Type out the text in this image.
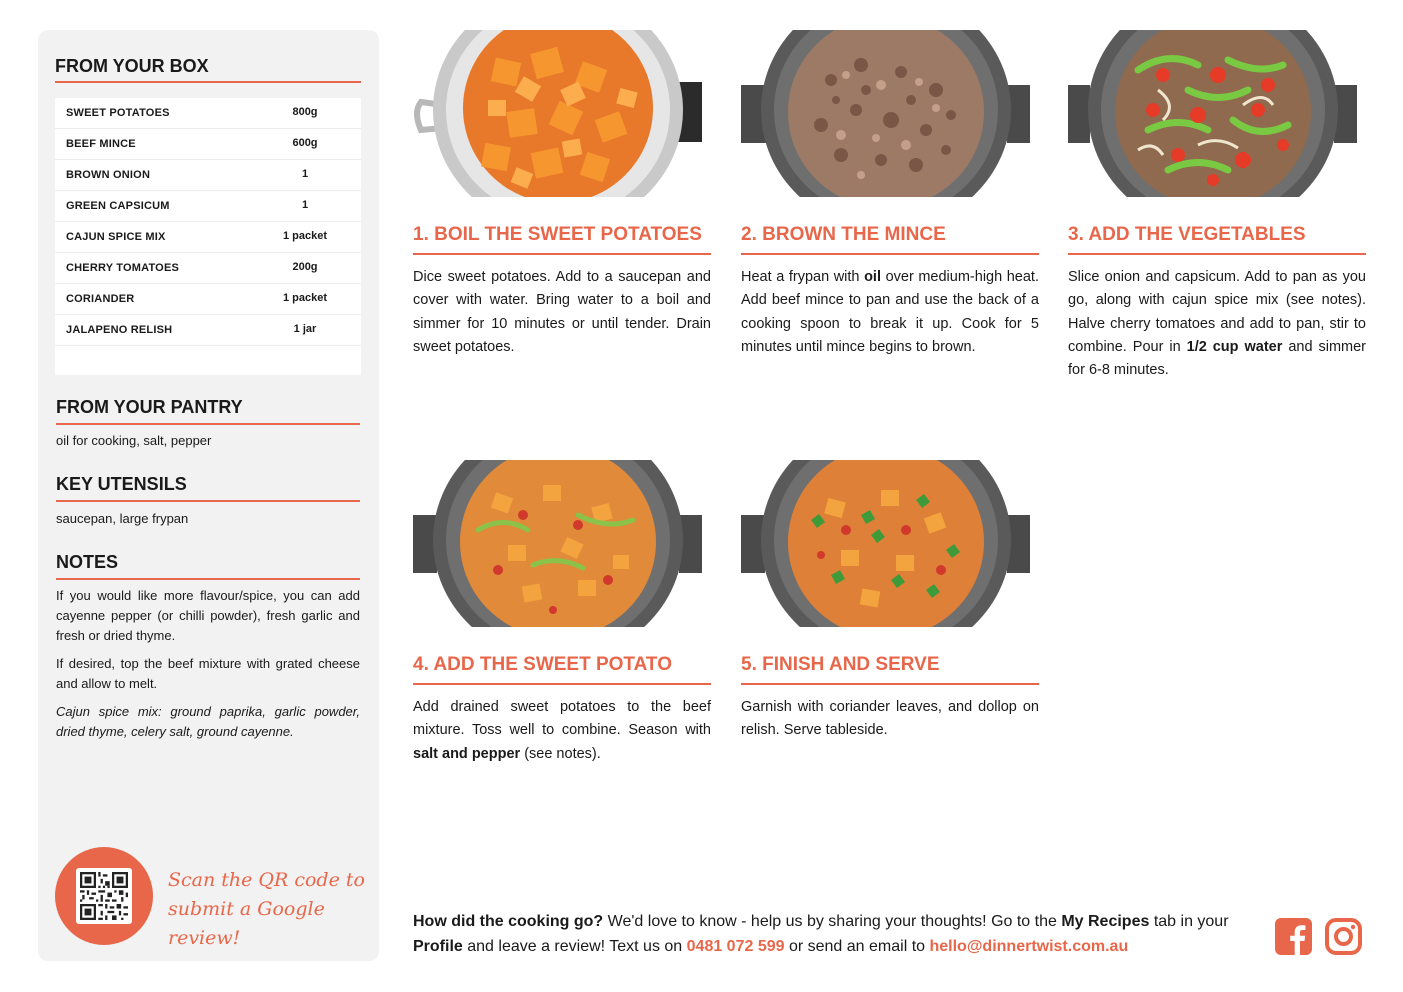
FROM YOUR BOX
SWEET POTATOES	800g
BEEF MINCE	600g
BROWN ONION	1
GREEN CAPSICUM	1
CAJUN SPICE MIX	1 packet
CHERRY TOMATOES	200g
CORIANDER	1 packet
JALAPENO RELISH	1 jar
FROM YOUR PANTRY
oil for cooking, salt, pepper
KEY UTENSILS
saucepan, large frypan
NOTES
If you would like more flavour/spice, you can add cayenne pepper (or chilli powder), fresh garlic and fresh or dried thyme.
If desired, top the beef mixture with grated cheese and allow to melt.
Cajun spice mix: ground paprika, garlic powder, dried thyme, celery salt, ground cayenne.
Scan the QR code to
submit a Google review!
1. BOIL THE SWEET POTATOES
Dice sweet potatoes. Add to a saucepan and cover with water. Bring water to a boil and simmer for 10 minutes or until tender. Drain sweet potatoes.
2. BROWN THE MINCE
Heat a frypan with oil over medium-high heat. Add beef mince to pan and use the back of a cooking spoon to break it up. Cook for 5 minutes until mince begins to brown.
3. ADD THE VEGETABLES
Slice onion and capsicum. Add to pan as you go, along with cajun spice mix (see notes). Halve cherry tomatoes and add to pan, stir to combine. Pour in 1/2 cup water and simmer for 6-8 minutes.
4. ADD THE SWEET POTATO
Add drained sweet potatoes to the beef mixture. Toss well to combine. Season with salt and pepper (see notes).
5. FINISH AND SERVE
Garnish with coriander leaves, and dollop on relish. Serve tableside.
How did the cooking go? We'd love to know - help us by sharing your thoughts! Go to the My Recipes tab in your Profile and leave a review! Text us on 0481 072 599 or send an email to hello@dinnertwist.com.au
